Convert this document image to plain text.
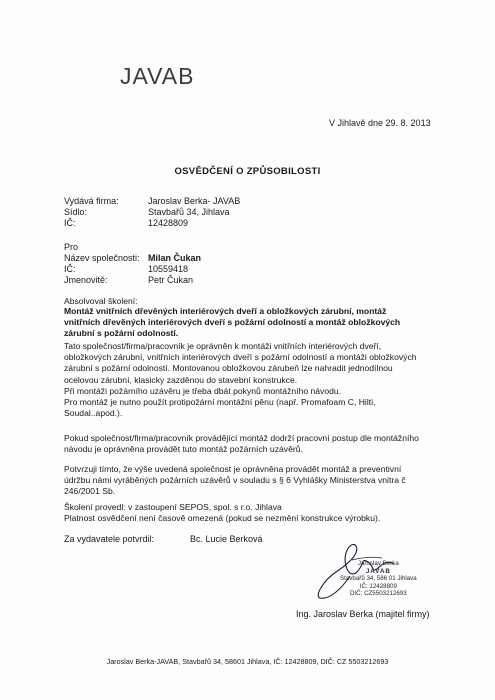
JAVAB
V Jihlavě dne 29. 8. 2013
OSVĚDČENÍ O ZPŮSOBILOSTI
Vydává firma:	Jaroslav Berka- JAVAB
Sídlo:	Stavbařů 34, Jihlava
IČ:	12428809
Pro
Název společnosti: Milan Čukan
IČ:	10559418
Jmenovitě:	Petr Čukan
Absolvoval školení:
Montáž vnitřních dřevěných interiérových dveří a obložkových zárubní, montáž
vnitřních dřevěných interiérových dveří s požární odolností a montáž obložkových
zárubní s požární odolností.
Tato společnost/firma/pracovník je oprávněn k montáži vnitřních interiérových dveří,
obložkových zárubní, vnitřních interiérových dveří s požární odolností a montáži obložkových
zárubní s požární odolností. Montovanou obložkovou zárubeň lze nahradit jednodílnou
ocelovou zárubní, klasicky zazděnou do stavební konstrukce.
Při montáži požárního uzávěru je třeba dbát pokynů montážního návodu.
Pro montáž je nutno použít protipožární montážní pěnu (např. Promafoam C, Hilti,
Soudal..apod.).
Pokud společnost/firma/pracovník provádějící montáž dodrží pracovní postup dle montážního
návodu je oprávněna provádět tuto montáž požárních uzávěrů.
Potvrzuji tímto, že výše uvedená společnost je oprávněna provádět montáž a preventivní
údržbu námi vyráběných požárních uzávěrů v souladu s § 6 Vyhlášky Ministerstva vnitra č
246/2001 Sb.
Školení provedl: v zastoupení SEPOS, spol. s r.o. Jihlava
Platnost osvědčení není časově omezená (pokud se nezmění konstrukce výrobku).
Za vydavatele potvrdil:	Bc. Lucie Berková
Jaroslav Berka
JAVAB
Stavbařů 34, 586 01 Jihlava
IČ: 12428809
DIČ: CZ5503212693
Ing. Jaroslav Berka (majitel firmy)
Jaroslav Berka-JAVAB, Stavbařů 34, 58601 Jihlava, IČ: 12428809, DIČ: CZ 5503212693
